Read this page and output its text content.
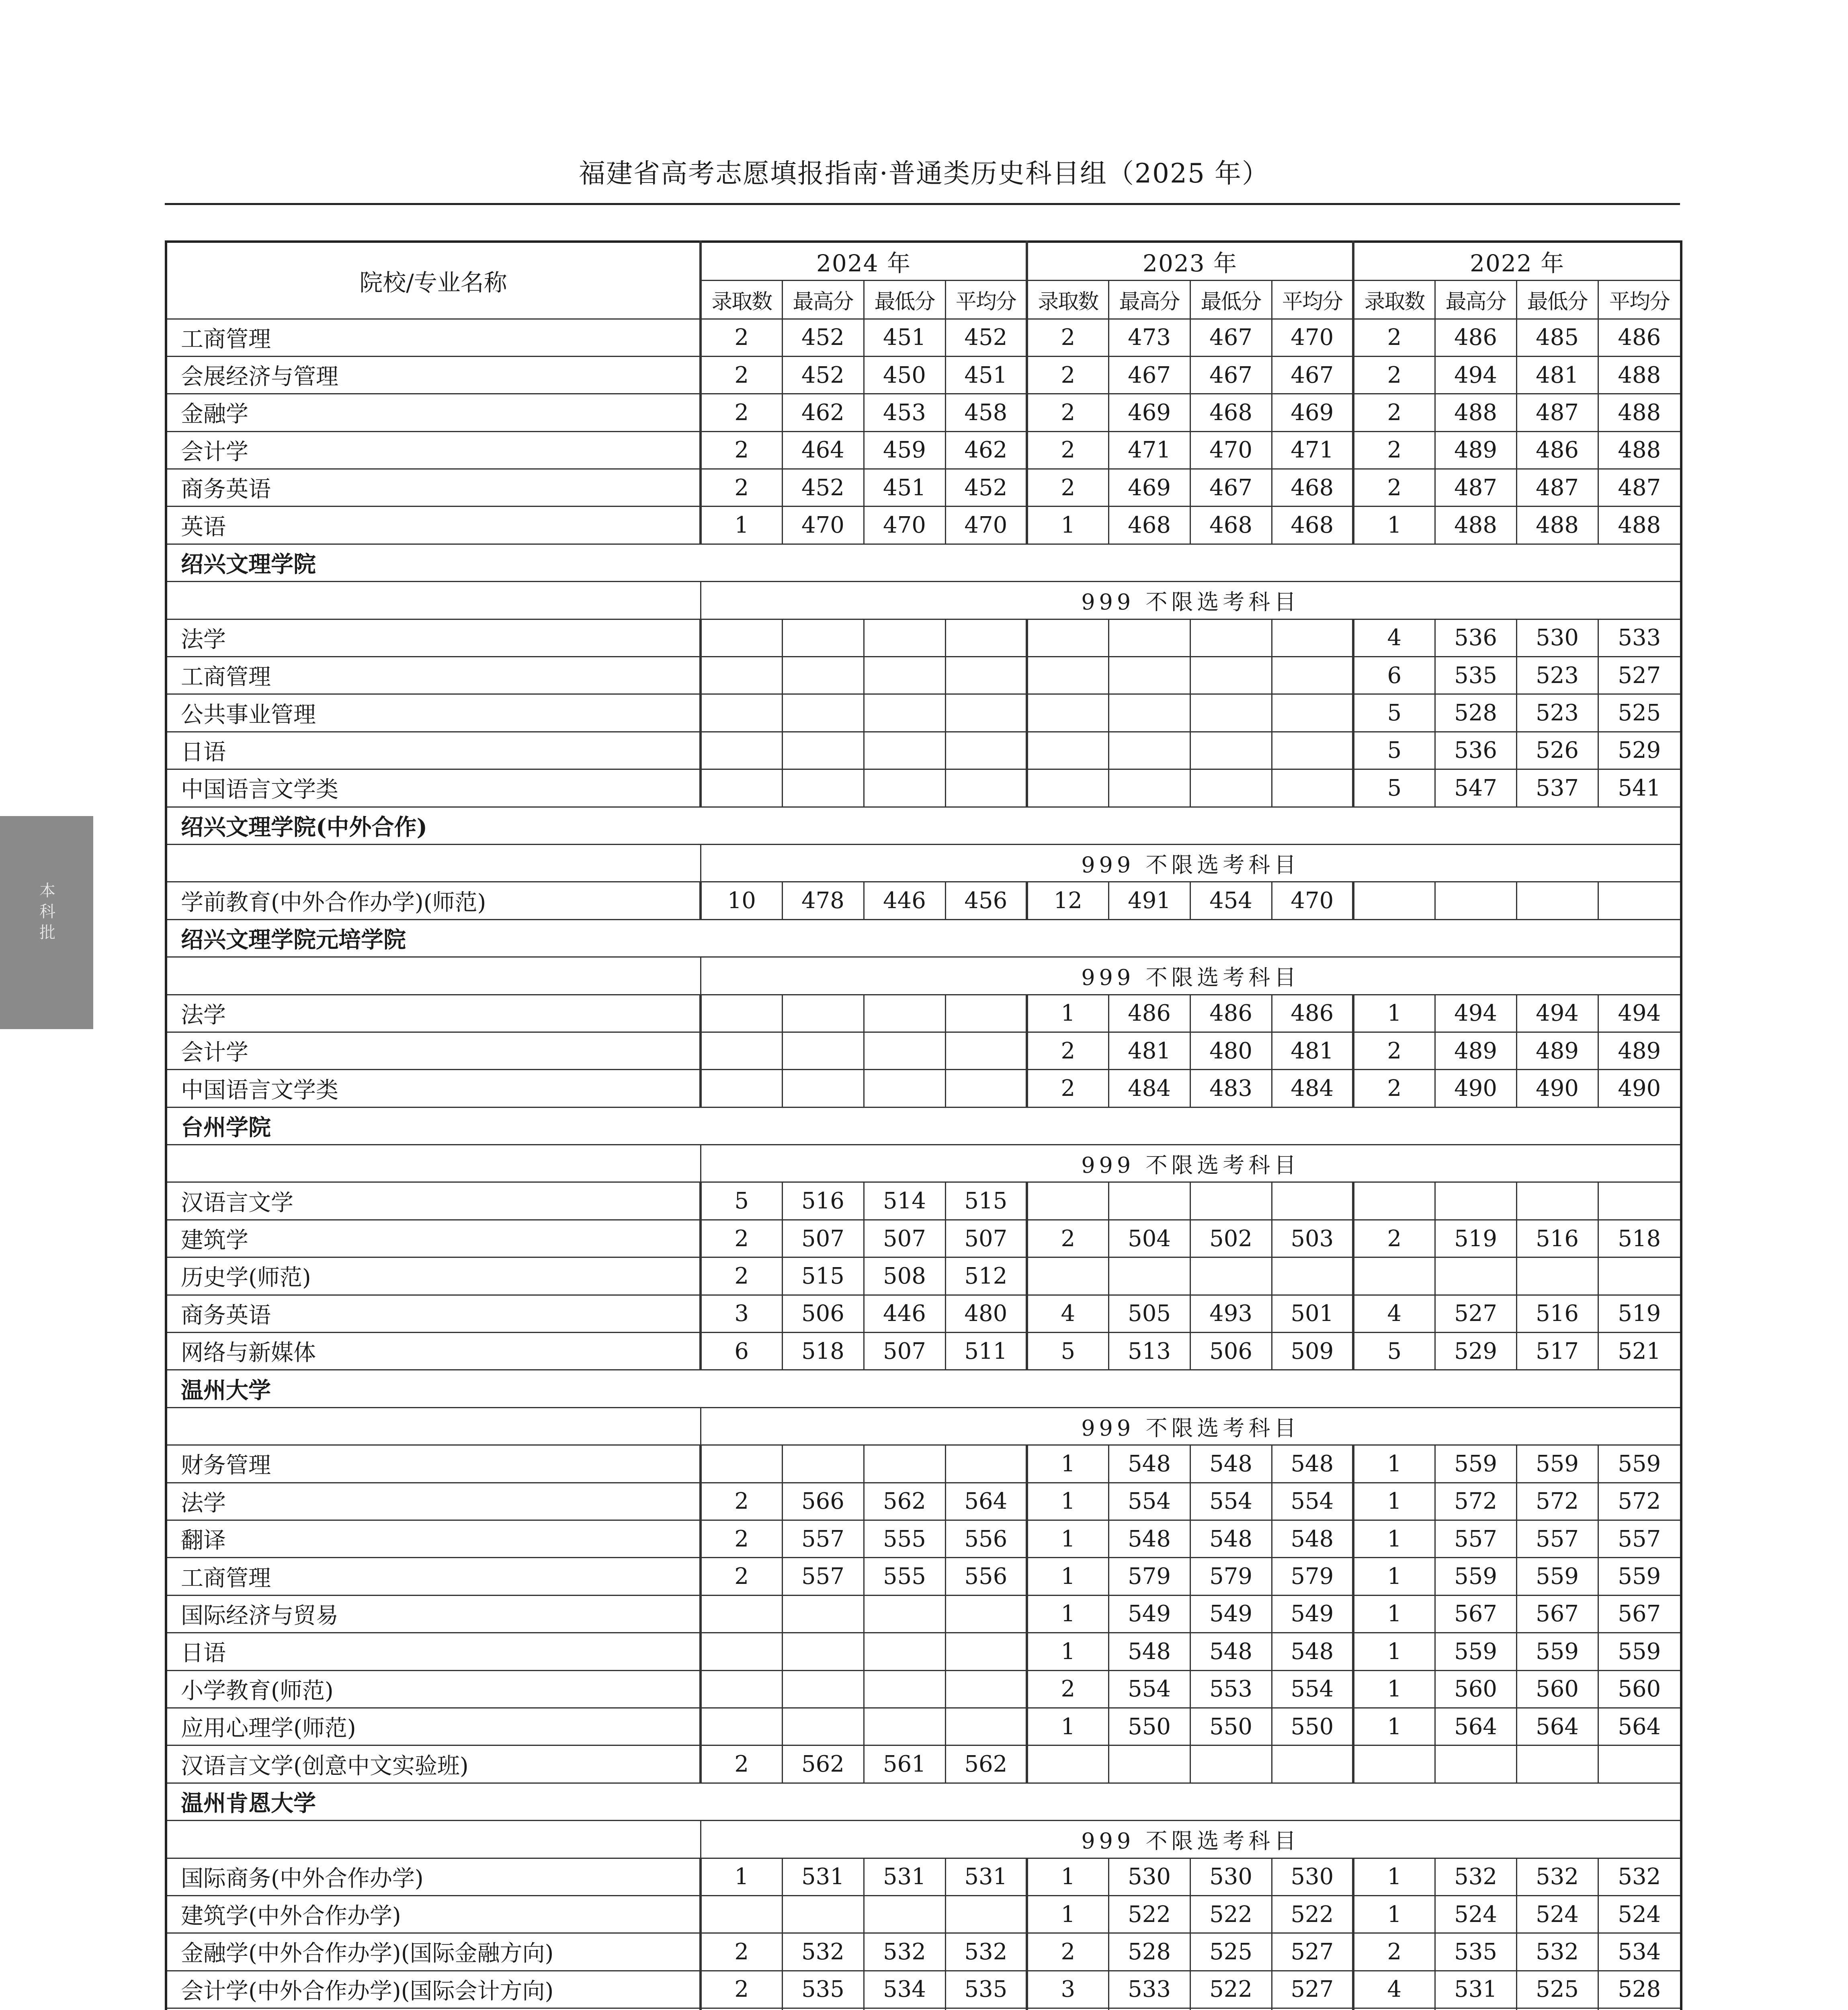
福建省高考志愿填报指南·普通类历史科目组（2025 年）
本科批
院校/专业名称	2024 年				2023 年				2022 年			
	录取数	最高分	最低分	平均分	录取数	最高分	最低分	平均分	录取数	最高分	最低分	平均分
工商管理	2	452	451	452	2	473	467	470	2	486	485	486
会展经济与管理	2	452	450	451	2	467	467	467	2	494	481	488
金融学	2	462	453	458	2	469	468	469	2	488	487	488
会计学	2	464	459	462	2	471	470	471	2	489	486	488
商务英语	2	452	451	452	2	469	467	468	2	487	487	487
英语	1	470	470	470	1	468	468	468	1	488	488	488
绍兴文理学院												
	999 不限选考科目											
法学									4	536	530	533
工商管理									6	535	523	527
公共事业管理									5	528	523	525
日语									5	536	526	529
中国语言文学类									5	547	537	541
绍兴文理学院(中外合作)												
	999 不限选考科目											
学前教育(中外合作办学)(师范)	10	478	446	456	12	491	454	470				
绍兴文理学院元培学院												
	999 不限选考科目											
法学					1	486	486	486	1	494	494	494
会计学					2	481	480	481	2	489	489	489
中国语言文学类					2	484	483	484	2	490	490	490
台州学院												
	999 不限选考科目											
汉语言文学	5	516	514	515								
建筑学	2	507	507	507	2	504	502	503	2	519	516	518
历史学(师范)	2	515	508	512								
商务英语	3	506	446	480	4	505	493	501	4	527	516	519
网络与新媒体	6	518	507	511	5	513	506	509	5	529	517	521
温州大学												
	999 不限选考科目											
财务管理					1	548	548	548	1	559	559	559
法学	2	566	562	564	1	554	554	554	1	572	572	572
翻译	2	557	555	556	1	548	548	548	1	557	557	557
工商管理	2	557	555	556	1	579	579	579	1	559	559	559
国际经济与贸易					1	549	549	549	1	567	567	567
日语					1	548	548	548	1	559	559	559
小学教育(师范)					2	554	553	554	1	560	560	560
应用心理学(师范)					1	550	550	550	1	564	564	564
汉语言文学(创意中文实验班)	2	562	561	562								
温州肯恩大学												
	999 不限选考科目											
国际商务(中外合作办学)	1	531	531	531	1	530	530	530	1	532	532	532
建筑学(中外合作办学)					1	522	522	522	1	524	524	524
金融学(中外合作办学)(国际金融方向)	2	532	532	532	2	528	525	527	2	535	532	534
会计学(中外合作办学)(国际会计方向)	2	535	534	535	3	533	522	527	4	531	525	528
